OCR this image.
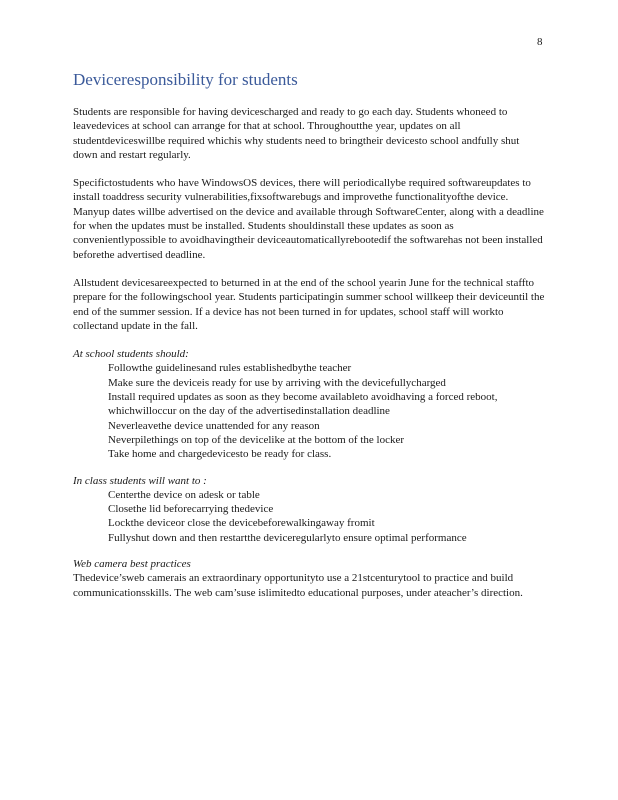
8
Deviceresponsibility for students

Students are responsible for having devicescharged and ready to go each day. Students whoneed to leavedevices at school can arrange for that at school. Throughoutthe year, updates on all studentdeviceswillbe required whichis why students need to bringtheir devicesto school andfully shut down and restart regularly.

Specifictostudents who have WindowsOS devices, there will periodicallybe required softwareupdates to install toaddress security vulnerabilities,fixsoftwarebugs and improvethe functionalityofthe device. Manyup dates willbe advertised on the device and available through SoftwareCenter, along with a deadline for when the updates must be installed. Students shouldinstall these updates as soon as convenientlypossible to avoidhavingtheir deviceautomaticallyrebootedif the softwarehas not been installed beforethe advertised deadline.

Allstudent devicesareexpected to beturned in at the end of the school yearin June for the technical staffto prepare for the followingschool year. Students participatingin summer school willkeep their deviceuntil the end of the summer session. If a device has not been turned in for updates, school staff will workto collectand update in the fall.

At school students should:
Followthe guidelinesand rules establishedbythe teacher
Make sure the deviceis ready for use by arriving with the devicefullycharged
Install required updates as soon as they become availableto avoidhaving a forced reboot, whichwilloccur on the day of the advertisedinstallation deadline
Neverleavethe device unattended for any reason
Neverpilethings on top of the devicelike at the bottom of the locker
Take home and chargedevicesto be ready for class.
In class students will want to :
Centerthe device on adesk or table
Closethe lid beforecarrying thedevice
Lockthe deviceor close the devicebeforewalkingaway fromit
Fullyshut down and then restartthe deviceregularlyto ensure optimal performance
Web camera best practices

Thedevice’sweb camerais an extraordinary opportunityto use a 21stcenturytool to practice and build communicationsskills. The web cam’suse islimitedto educational purposes, under ateacher’s direction.
